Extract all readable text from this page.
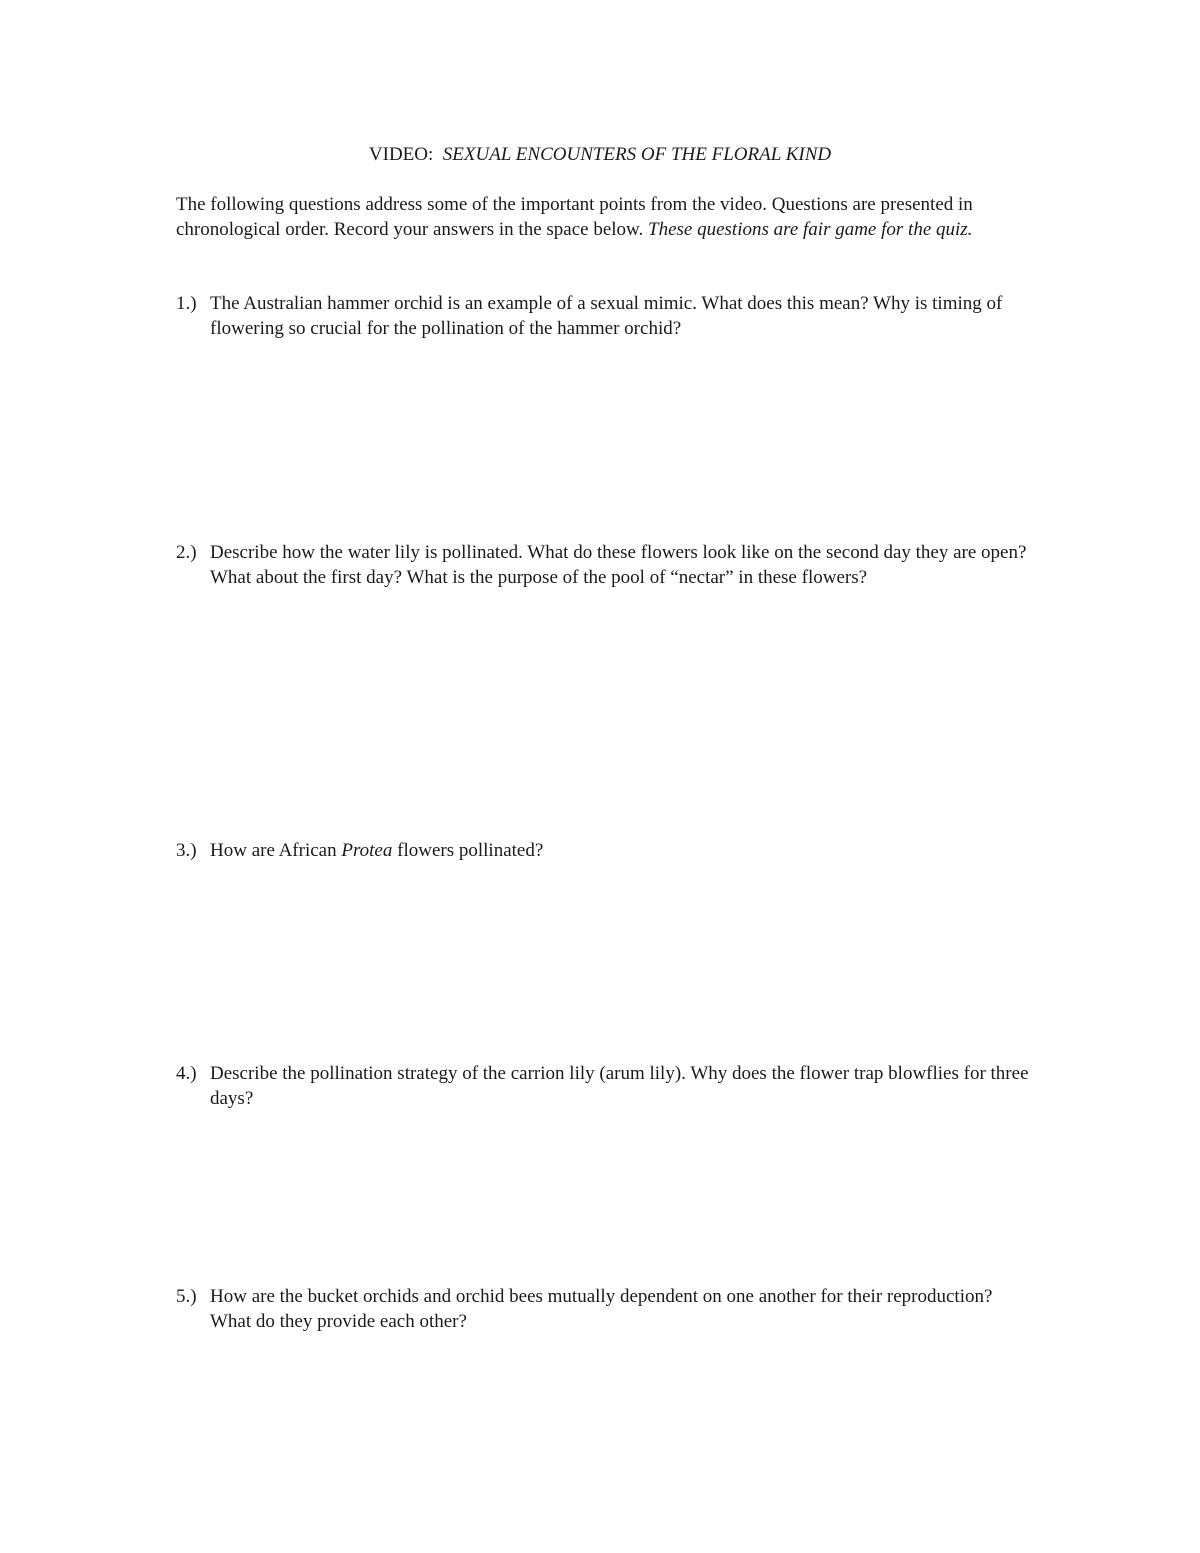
VIDEO: SEXUAL ENCOUNTERS OF THE FLORAL KIND
The following questions address some of the important points from the video. Questions are presented in chronological order. Record your answers in the space below. These questions are fair game for the quiz.
1.) The Australian hammer orchid is an example of a sexual mimic. What does this mean? Why is timing of flowering so crucial for the pollination of the hammer orchid?
2.) Describe how the water lily is pollinated. What do these flowers look like on the second day they are open? What about the first day? What is the purpose of the pool of “nectar” in these flowers?
3.) How are African Protea flowers pollinated?
4.) Describe the pollination strategy of the carrion lily (arum lily). Why does the flower trap blowflies for three days?
5.) How are the bucket orchids and orchid bees mutually dependent on one another for their reproduction? What do they provide each other?
